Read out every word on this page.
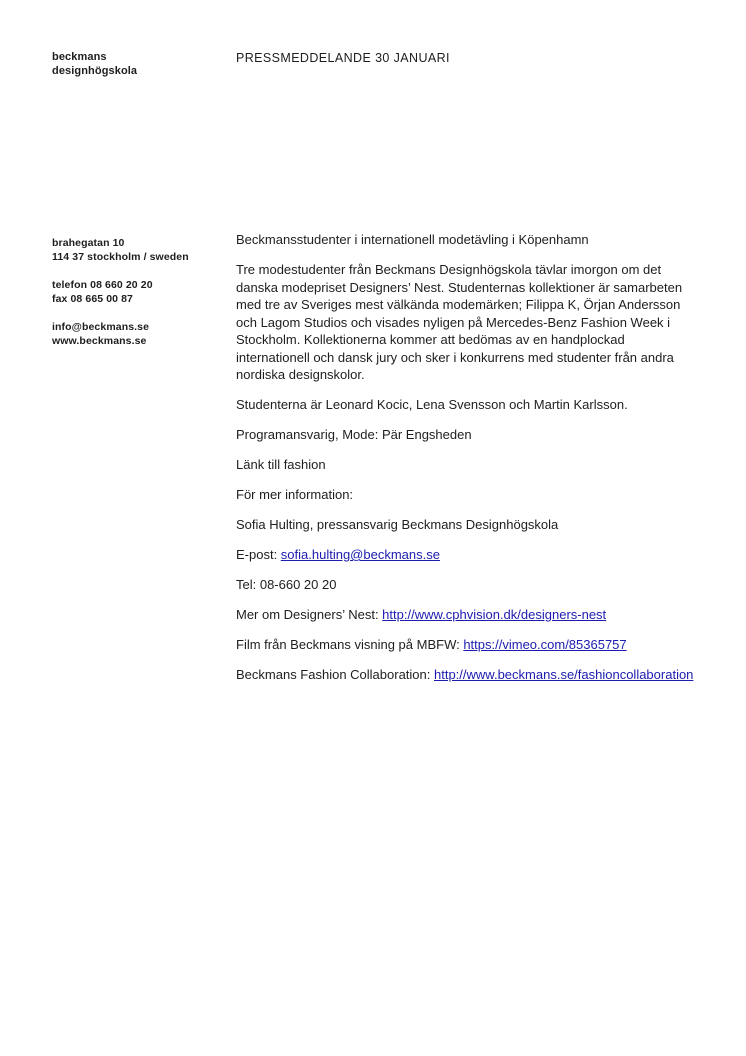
beckmans
designhögskola
PRESSMEDDELANDE 30 JANUARI
brahegatan 10
114 37 stockholm / sweden
telefon 08 660 20 20
fax 08 665 00 87
info@beckmans.se
www.beckmans.se

Beckmansstudenter i internationell modetävling i Köpenhamn

Tre modestudenter från Beckmans Designhögskola tävlar imorgon om det danska modepriset Designers’ Nest. Studenternas kollektioner är samarbeten med tre av Sveriges mest välkända modemärken; Filippa K, Örjan Andersson och Lagom Studios och visades nyligen på Mercedes-Benz Fashion Week i Stockholm. Kollektionerna kommer att bedömas av en handplockad internationell och dansk jury och sker i konkurrens med studenter från andra nordiska designskolor.

Studenterna är Leonard Kocic, Lena Svensson och Martin Karlsson.

Programansvarig, Mode: Pär Engsheden

Länk till fashion

För mer information:

Sofia Hulting, pressansvarig Beckmans Designhögskola

E-post: sofia.hulting@beckmans.se

Tel: 08-660 20 20

Mer om Designers’ Nest: http://www.cphvision.dk/designers-nest

Film från Beckmans visning på MBFW: https://vimeo.com/85365757

Beckmans Fashion Collaboration: http://www.beckmans.se/fashioncollaboration
